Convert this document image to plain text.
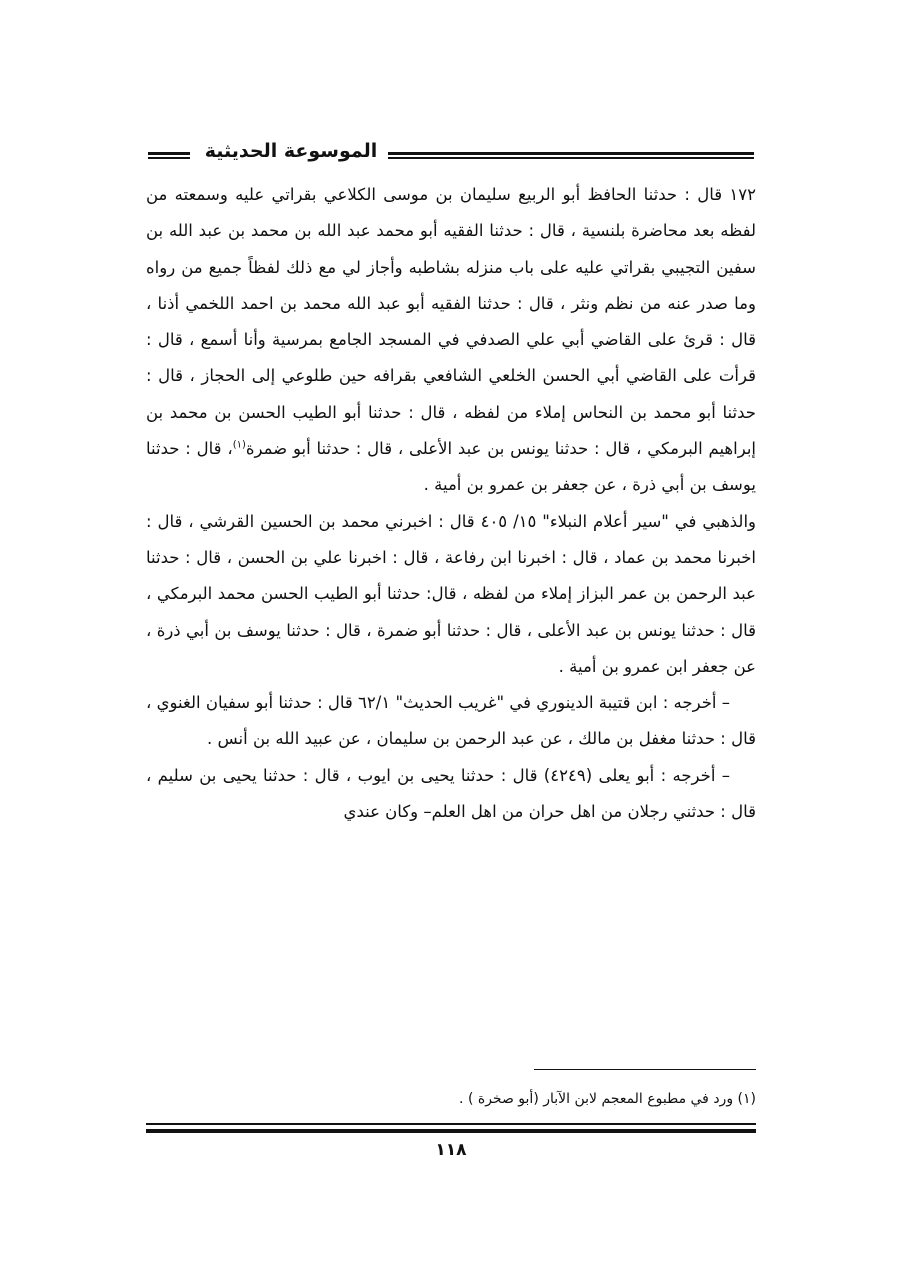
الموسوعة الحديثية

١٧٢ قال : حدثنا الحافظ أبو الربيع سليمان بن موسى الكلاعي بقراتي عليه وسمعته من لفظه بعد محاضرة بلنسية ، قال : حدثنا الفقيه أبو محمد عبد الله بن محمد بن عبد الله بن سفين التجيبي بقراتي عليه على باب منزله بشاطبه وأجاز لي مع ذلك لفظاً جميع من رواه وما صدر عنه من نظم ونثر ، قال : حدثنا الفقيه أبو عبد الله محمد بن احمد اللخمي أذنا ، قال : قرئ على القاضي أبي علي الصدفي في المسجد الجامع بمرسية وأنا أسمع ، قال : قرأت على القاضي أبي الحسن الخلعي الشافعي بقرافه حين طلوعي إلى الحجاز ، قال : حدثنا أبو محمد بن النحاس إملاء من لفظه ، قال : حدثنا أبو الطيب الحسن بن محمد بن إبراهيم البرمكي ، قال : حدثنا يونس بن عبد الأعلى ، قال : حدثنا أبو ضمرة$^{(١)}$، قال : حدثنا يوسف بن أبي ذرة ، عن جعفر بن عمرو بن أمية .

والذهبي في "سير أعلام النبلاء" ١٥/ ٤٠٥ قال : اخبرني محمد بن الحسين القرشي ، قال : اخبرنا محمد بن عماد ، قال : اخبرنا ابن رفاعة ، قال : اخبرنا علي بن الحسن ، قال : حدثنا عبد الرحمن بن عمر البزاز إملاء من لفظه ، قال: حدثنا أبو الطيب الحسن محمد البرمكي ، قال : حدثنا يونس بن عبد الأعلى ، قال : حدثنا أبو ضمرة ، قال : حدثنا يوسف بن أبي ذرة ، عن جعفر ابن عمرو بن أمية .

– أخرجه : ابن قتيبة الدينوري في "غريب الحديث" ٦٢/١ قال : حدثنا أبو سفيان الغنوي ، قال : حدثنا مغفل بن مالك ، عن عبد الرحمن بن سليمان ، عن عبيد الله بن أنس .

– أخرجه : أبو يعلى (٤٢٤٩) قال : حدثنا يحيى بن ايوب ، قال : حدثنا يحيى بن سليم ، قال : حدثني رجلان من اهل حران من اهل العلم– وكان عندي

(١) ورد في مطبوع المعجم لابن الآبار (أبو صخرة ) .
١١٨
